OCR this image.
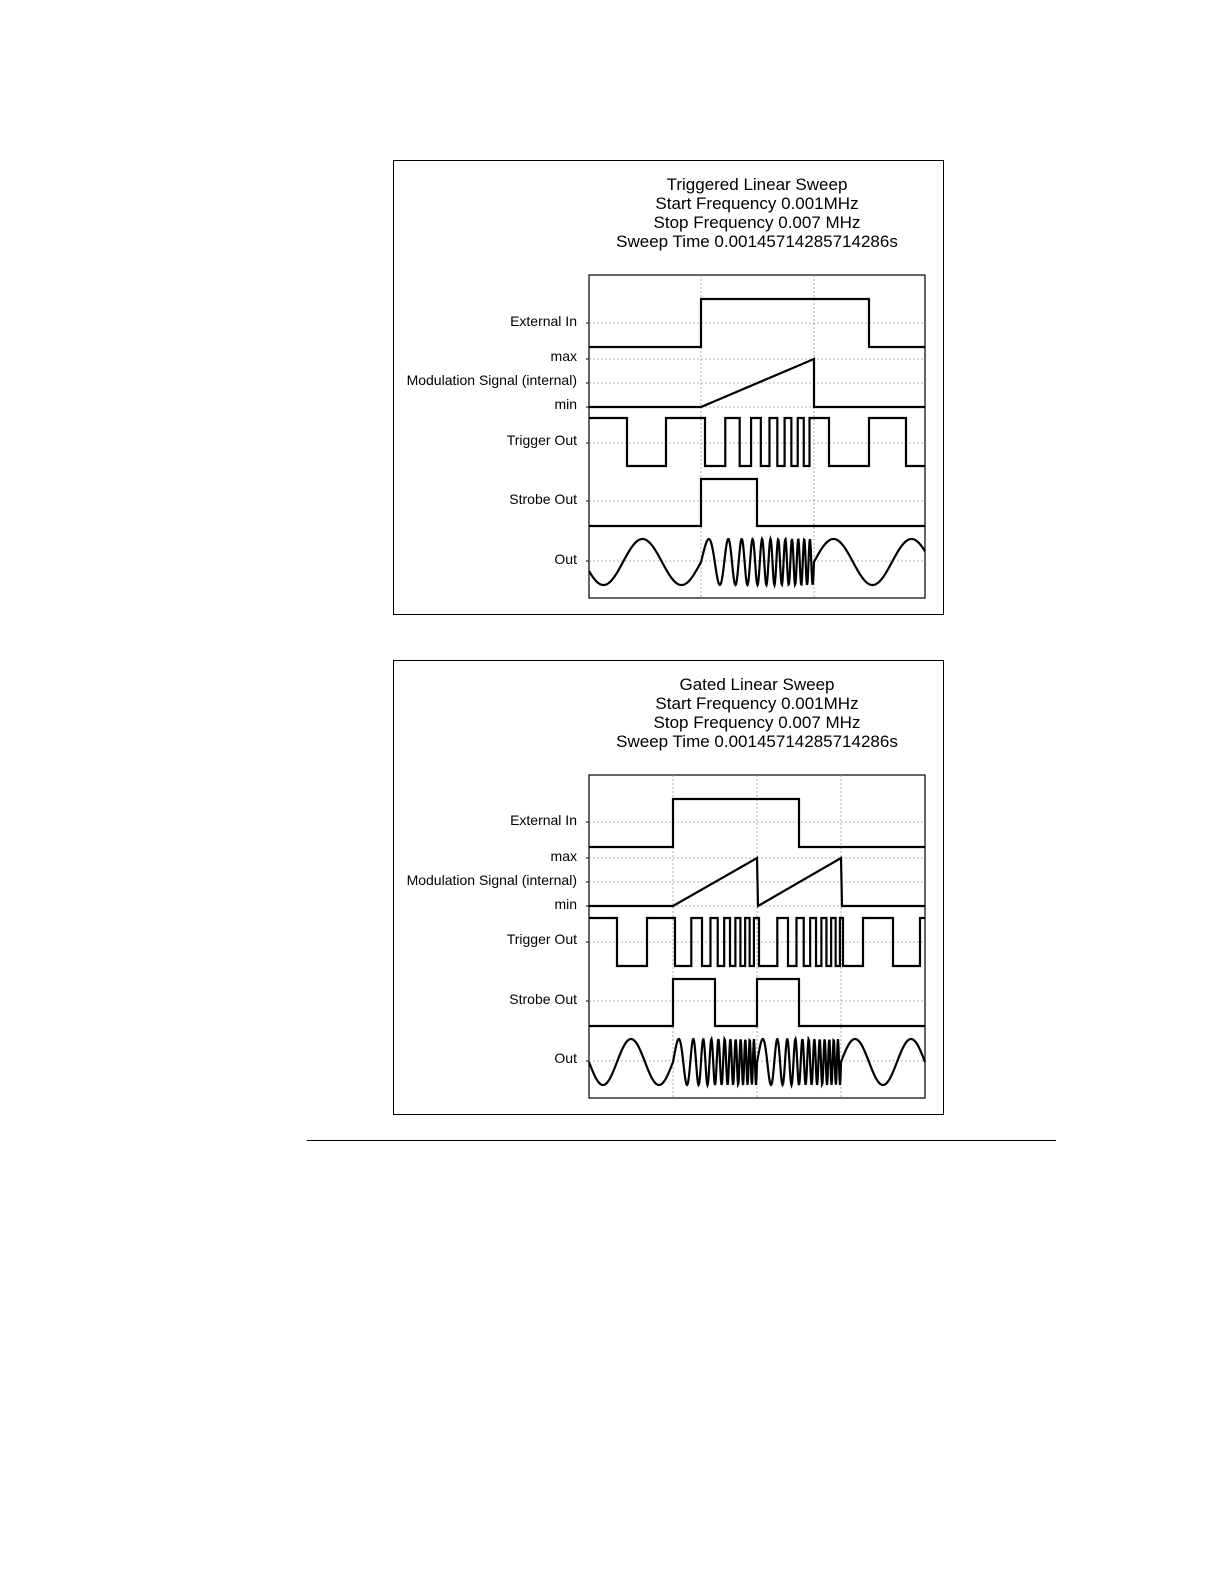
Triggered Linear Sweep
Start Frequency 0.001MHz
Stop Frequency 0.007 MHz
Sweep Time 0.00145714285714286s
External In
max
Modulation Signal (internal)
min
Trigger Out
Strobe Out
Out
Gated Linear Sweep
Start Frequency 0.001MHz
Stop Frequency 0.007 MHz
Sweep Time 0.00145714285714286s
External In
max
Modulation Signal (internal)
min
Trigger Out
Strobe Out
Out
